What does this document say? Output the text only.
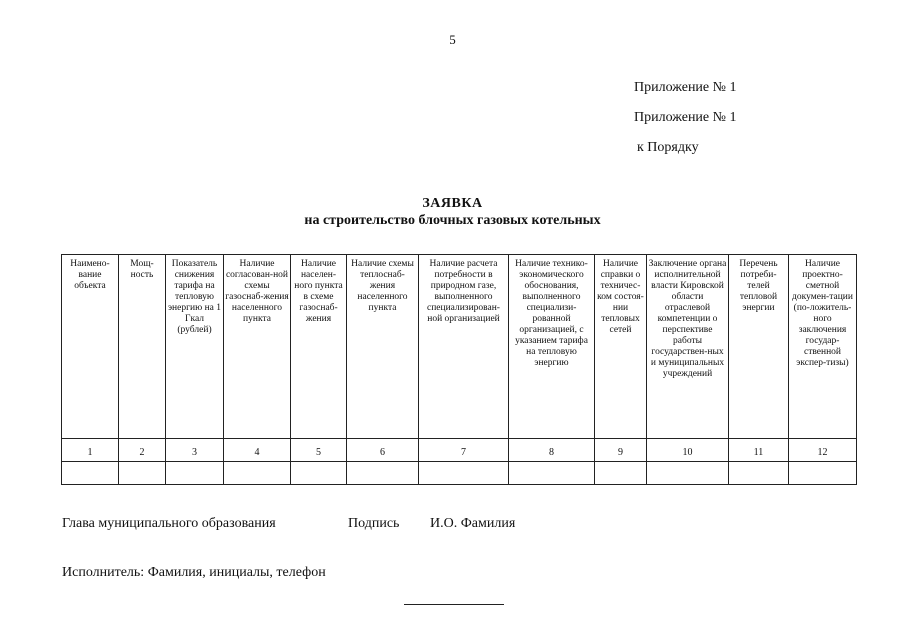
5
Приложение № 1
Приложение № 1
к Порядку
ЗАЯВКА
на строительство блочных газовых котельных
Наимено-вание объекта	Мощ-ность	Показатель снижения тарифа на тепловую энергию на 1 Гкал (рублей)	Наличие согласован-ной схемы газоснаб-жения населенного пункта	Наличие населен-ного пункта в схеме газоснаб-жения	Наличие схемы теплоснаб-жения населенного пункта	Наличие расчета потребности в природном газе, выполненного специализирован-ной организацией	Наличие технико-экономического обоснования, выполненного специализи-рованной организацией, с указанием тарифа на тепловую энергию	Наличие справки о техничес-ком состоя-нии тепловых сетей	Заключение органа исполнительной власти Кировской области отраслевой компетенции о перспективе работы государствен-ных и муниципальных учреждений	Перечень потреби-телей тепловой энергии	Наличие проектно-сметной докумен-тации (по-ложитель-ного заключения государ-ственной экспер-тизы)
1	2	3	4	5	6	7	8	9	10	11	12

Глава муниципального образования	Подпись И.О. Фамилия
Исполнитель: Фамилия, инициалы, телефон
